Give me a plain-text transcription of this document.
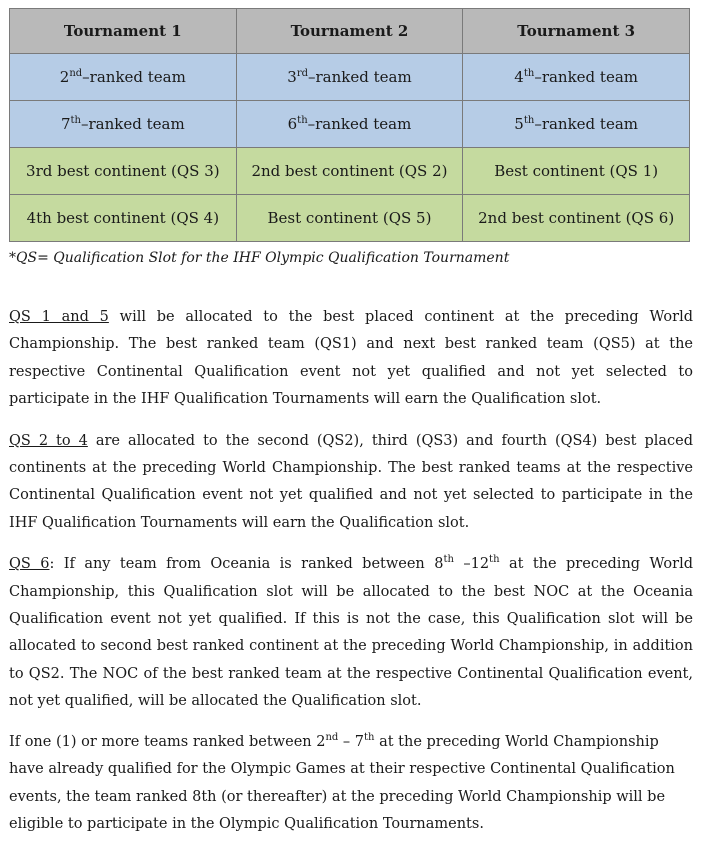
Tournament 1	Tournament 2	Tournament 3
2nd–ranked team	3rd–ranked team	4th–ranked team
7th–ranked team	6th–ranked team	5th–ranked team
3rd best continent (QS 3)	2nd best continent (QS 2)	Best continent (QS 1)
4th best continent (QS 4)	Best continent (QS 5)	2nd best continent (QS 6)

*QS= Qualification Slot for the IHF Olympic Qualification Tournament

QS 1 and 5 will be allocated to the best placed continent at the preceding World Championship. The best ranked team (QS1) and next best ranked team (QS5) at the respective Continental Qualification event not yet qualified and not yet selected to participate in the IHF Qualification Tournaments will earn the Qualification slot.

QS 2 to 4 are allocated to the second (QS2), third (QS3) and fourth (QS4) best placed continents at the preceding World Championship. The best ranked teams at the respective Continental Qualification event not yet qualified and not yet selected to participate in the IHF Qualification Tournaments will earn the Qualification slot.

QS 6: If any team from Oceania is ranked between 8th –12th at the preceding World Championship, this Qualification slot will be allocated to the best NOC at the Oceania Qualification event not yet qualified. If this is not the case, this Qualification slot will be allocated to second best ranked continent at the preceding World Championship, in addition to QS2. The NOC of the best ranked team at the respective Continental Qualification event, not yet qualified, will be allocated the Qualification slot.

If one (1) or more teams ranked between 2nd – 7th at the preceding World Championship have already qualified for the Olympic Games at their respective Continental Qualification events, the team ranked 8th (or thereafter) at the preceding World Championship will be eligible to participate in the Olympic Qualification Tournaments.
